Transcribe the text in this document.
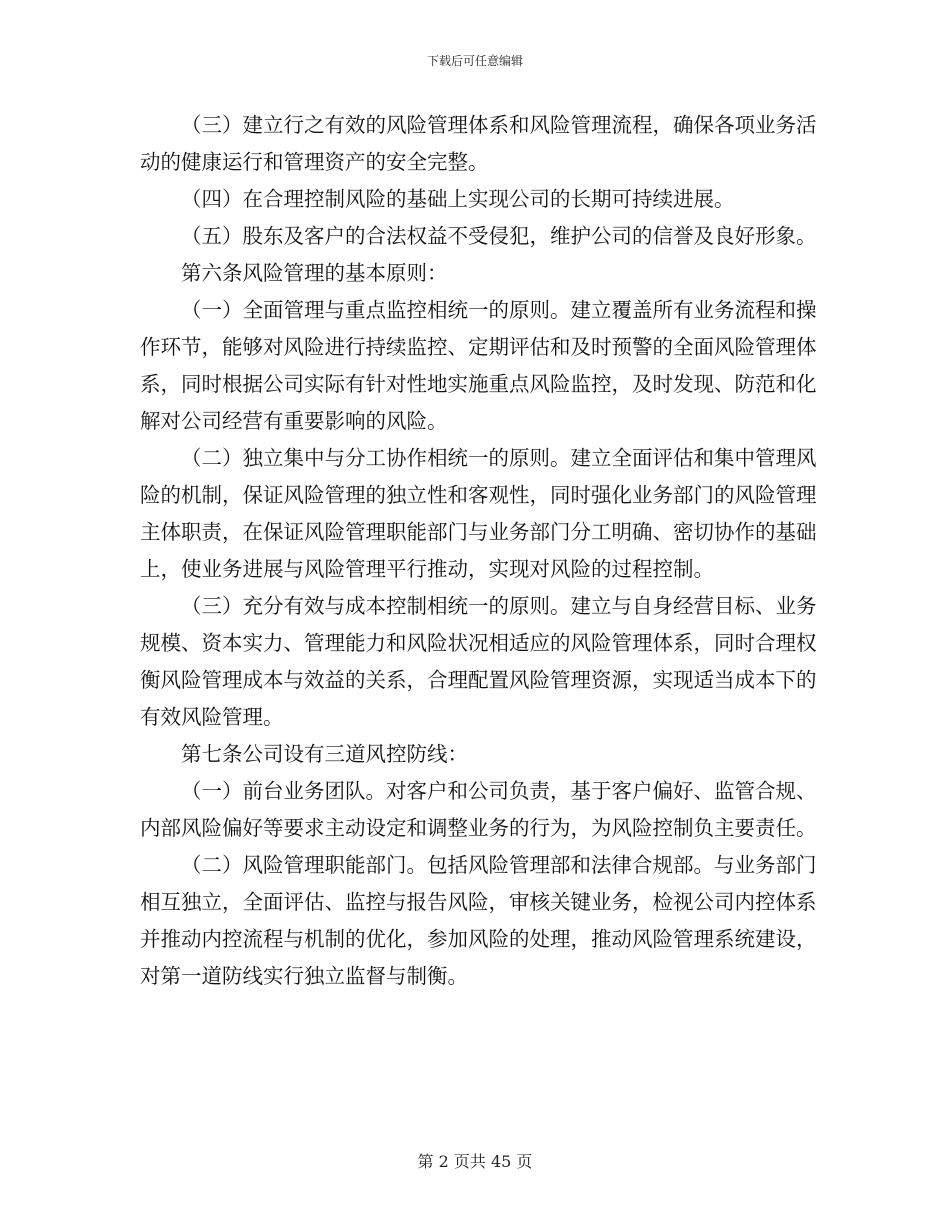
下载后可任意编辑

（三）建立行之有效的风险管理体系和风险管理流程，确保各项业务活动的健康运行和管理资产的安全完整。

（四）在合理控制风险的基础上实现公司的长期可持续进展。

（五）股东及客户的合法权益不受侵犯，维护公司的信誉及良好形象。

第六条风险管理的基本原则：

（一）全面管理与重点监控相统一的原则。建立覆盖所有业务流程和操作环节，能够对风险进行持续监控、定期评估和及时预警的全面风险管理体系，同时根据公司实际有针对性地实施重点风险监控，及时发现、防范和化解对公司经营有重要影响的风险。

（二）独立集中与分工协作相统一的原则。建立全面评估和集中管理风险的机制，保证风险管理的独立性和客观性，同时强化业务部门的风险管理主体职责，在保证风险管理职能部门与业务部门分工明确、密切协作的基础上，使业务进展与风险管理平行推动，实现对风险的过程控制。

（三）充分有效与成本控制相统一的原则。建立与自身经营目标、业务规模、资本实力、管理能力和风险状况相适应的风险管理体系，同时合理权衡风险管理成本与效益的关系，合理配置风险管理资源，实现适当成本下的有效风险管理。

第七条公司设有三道风控防线：

（一）前台业务团队。对客户和公司负责，基于客户偏好、监管合规、内部风险偏好等要求主动设定和调整业务的行为，为风险控制负主要责任。

（二）风险管理职能部门。包括风险管理部和法律合规部。与业务部门相互独立，全面评估、监控与报告风险，审核关键业务，检视公司内控体系并推动内控流程与机制的优化，参加风险的处理，推动风险管理系统建设，对第一道防线实行独立监督与制衡。

第 2 页共 45 页
